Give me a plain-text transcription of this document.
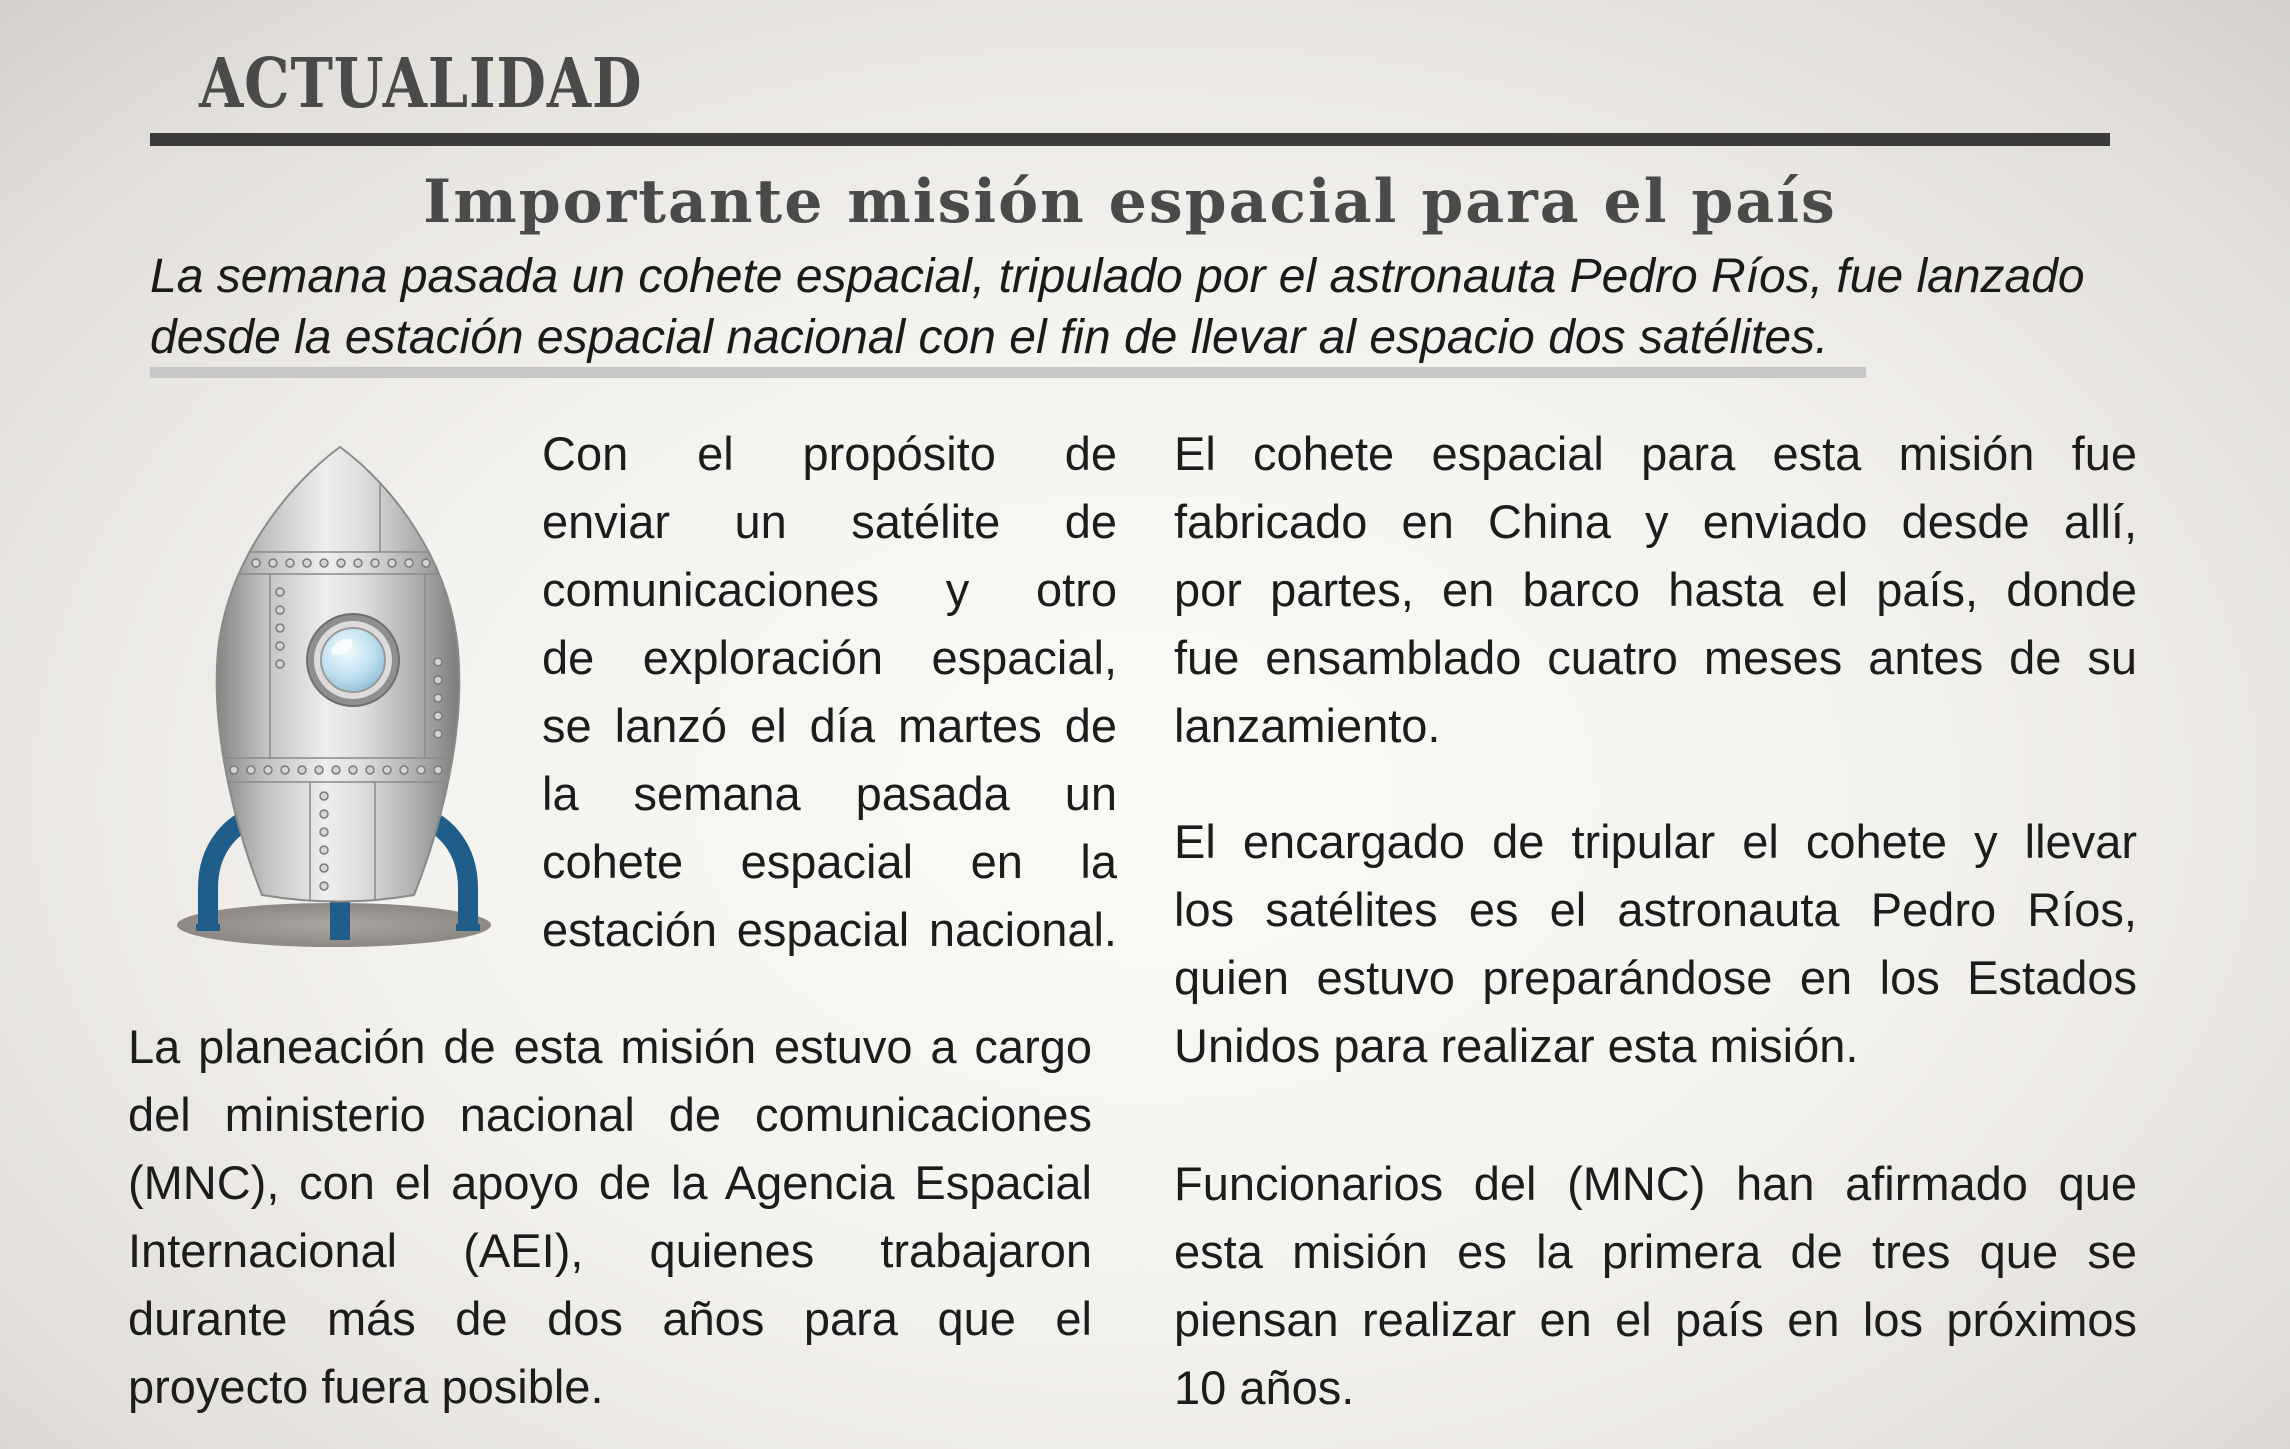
ACTUALIDAD
Importante misión espacial para el país
La semana pasada un cohete espacial, tripulado por el astronauta Pedro Ríos, fue lanzado
desde la estación espacial nacional con el fin de llevar al espacio dos satélites.
Con el propósito de
enviar un satélite de
comunicaciones y otro
de exploración espacial,
se lanzó el día martes de
la semana pasada un
cohete espacial en la
estación espacial nacional.
La planeación de esta misión estuvo a cargo
del ministerio nacional de comunicaciones
(MNC), con el apoyo de la Agencia Espacial
Internacional (AEI), quienes trabajaron
durante más de dos años para que el
proyecto fuera posible.
El cohete espacial para esta misión fue
fabricado en China y enviado desde allí,
por partes, en barco hasta el país, donde
fue ensamblado cuatro meses antes de su
lanzamiento.
El encargado de tripular el cohete y llevar
los satélites es el astronauta Pedro Ríos,
quien estuvo preparándose en los Estados
Unidos para realizar esta misión.
Funcionarios del (MNC) han afirmado que
esta misión es la primera de tres que se
piensan realizar en el país en los próximos
10 años.
